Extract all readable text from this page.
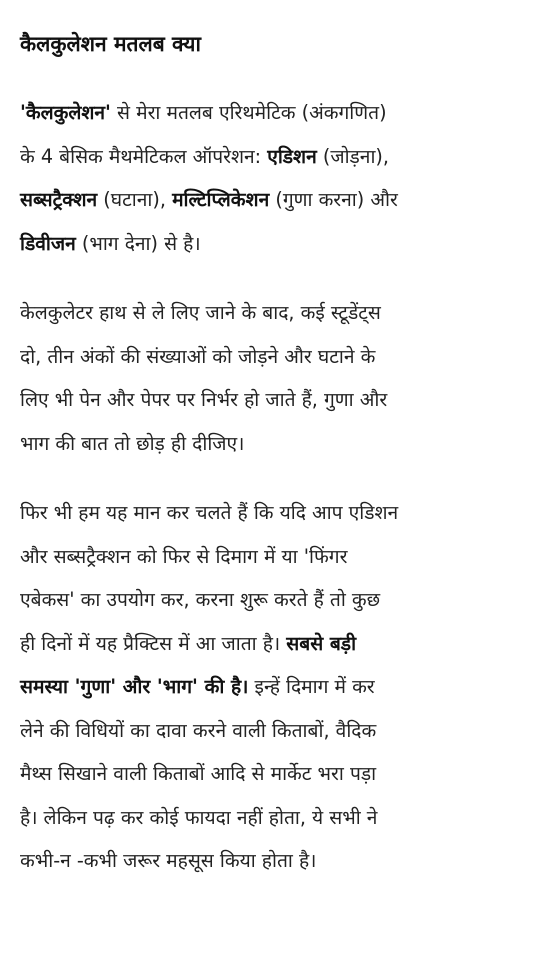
कैलकुलेशन मतलब क्या
'कैलकुलेशन' से मेरा मतलब एरिथमेटिक (अंकगणित)
के 4 बेसिक मैथमेटिकल ऑपरेशन: एडिशन (जोड़ना),
सब्सट्रैक्शन (घटाना), मल्टिप्लिकेशन (गुणा करना) और
डिवीजन (भाग देना) से है।
केलकुलेटर हाथ से ले लिए जाने के बाद, कई स्टूडेंट्स
दो, तीन अंकों की संख्याओं को जोड़ने और घटाने के
लिए भी पेन और पेपर पर निर्भर हो जाते हैं, गुणा और
भाग की बात तो छोड़ ही दीजिए।
फिर भी हम यह मान कर चलते हैं कि यदि आप एडिशन
और सब्सट्रैक्शन को फिर से दिमाग में या 'फिंगर
एबेकस' का उपयोग कर, करना शुरू करते हैं तो कुछ
ही दिनों में यह प्रैक्टिस में आ जाता है। सबसे बड़ी
समस्या 'गुणा' और 'भाग' की है। इन्हें दिमाग में कर
लेने की विधियों का दावा करने वाली किताबों, वैदिक
मैथ्स सिखाने वाली किताबों आदि से मार्केट भरा पड़ा
है। लेकिन पढ़ कर कोई फायदा नहीं होता, ये सभी ने
कभी-न -कभी जरूर महसूस किया होता है।
